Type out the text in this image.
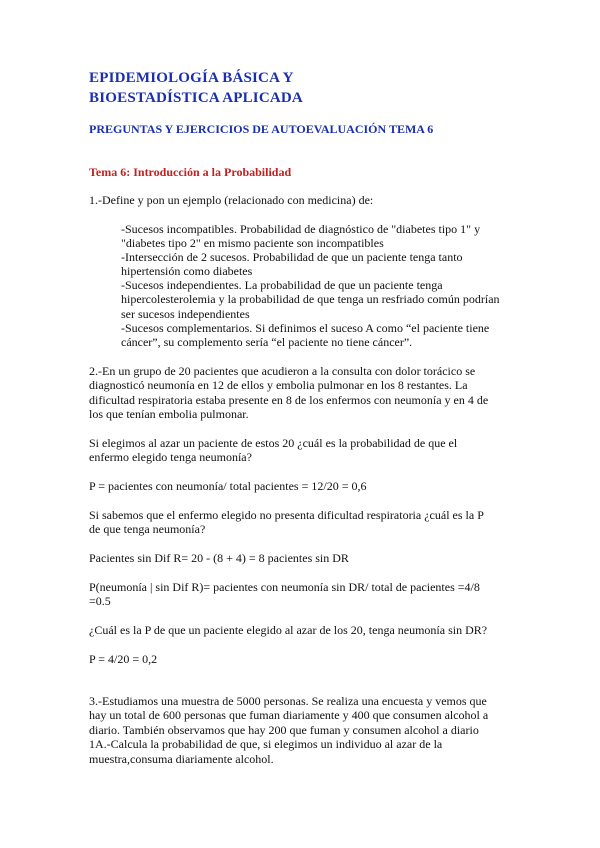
EPIDEMIOLOGÍA BÁSICA Y
BIOESTADÍSTICA APLICADA
PREGUNTAS Y EJERCICIOS DE AUTOEVALUACIÓN TEMA 6
Tema 6: Introducción a la Probabilidad
1.-Define y pon un ejemplo (relacionado con medicina) de:
-Sucesos incompatibles. Probabilidad de diagnóstico de "diabetes tipo 1" y
"diabetes tipo 2" en mismo paciente son incompatibles
-Intersección de 2 sucesos. Probabilidad de que un paciente tenga tanto
hipertensión como diabetes
-Sucesos independientes. La probabilidad de que un paciente tenga
hipercolesterolemia y la probabilidad de que tenga un resfriado común podrían
ser sucesos independientes
-Sucesos complementarios. Si definimos el suceso A como “el paciente tiene
cáncer”, su complemento sería “el paciente no tiene cáncer”.
2.-En un grupo de 20 pacientes que acudieron a la consulta con dolor torácico se
diagnosticó neumonía en 12 de ellos y embolia pulmonar en los 8 restantes. La
dificultad respiratoria estaba presente en 8 de los enfermos con neumonía y en 4 de
los que tenían embolia pulmonar.
Si elegimos al azar un paciente de estos 20 ¿cuál es la probabilidad de que el
enfermo elegido tenga neumonía?
P = pacientes con neumonía/ total pacientes = 12/20 = 0,6
Si sabemos que el enfermo elegido no presenta dificultad respiratoria ¿cuál es la P
de que tenga neumonía?
Pacientes sin Dif R= 20 - (8 + 4) = 8 pacientes sin DR
P(neumonía | sin Dif R)= pacientes con neumonía sin DR/ total de pacientes =4/8
=0.5
¿Cuál es la P de que un paciente elegido al azar de los 20, tenga neumonía sin DR?
P = 4/20 = 0,2
3.-Estudiamos una muestra de 5000 personas. Se realiza una encuesta y vemos que
hay un total de 600 personas que fuman diariamente y 400 que consumen alcohol a
diario. También observamos que hay 200 que fuman y consumen alcohol a diario
1A.-Calcula la probabilidad de que, si elegimos un individuo al azar de la
muestra,consuma diariamente alcohol.
